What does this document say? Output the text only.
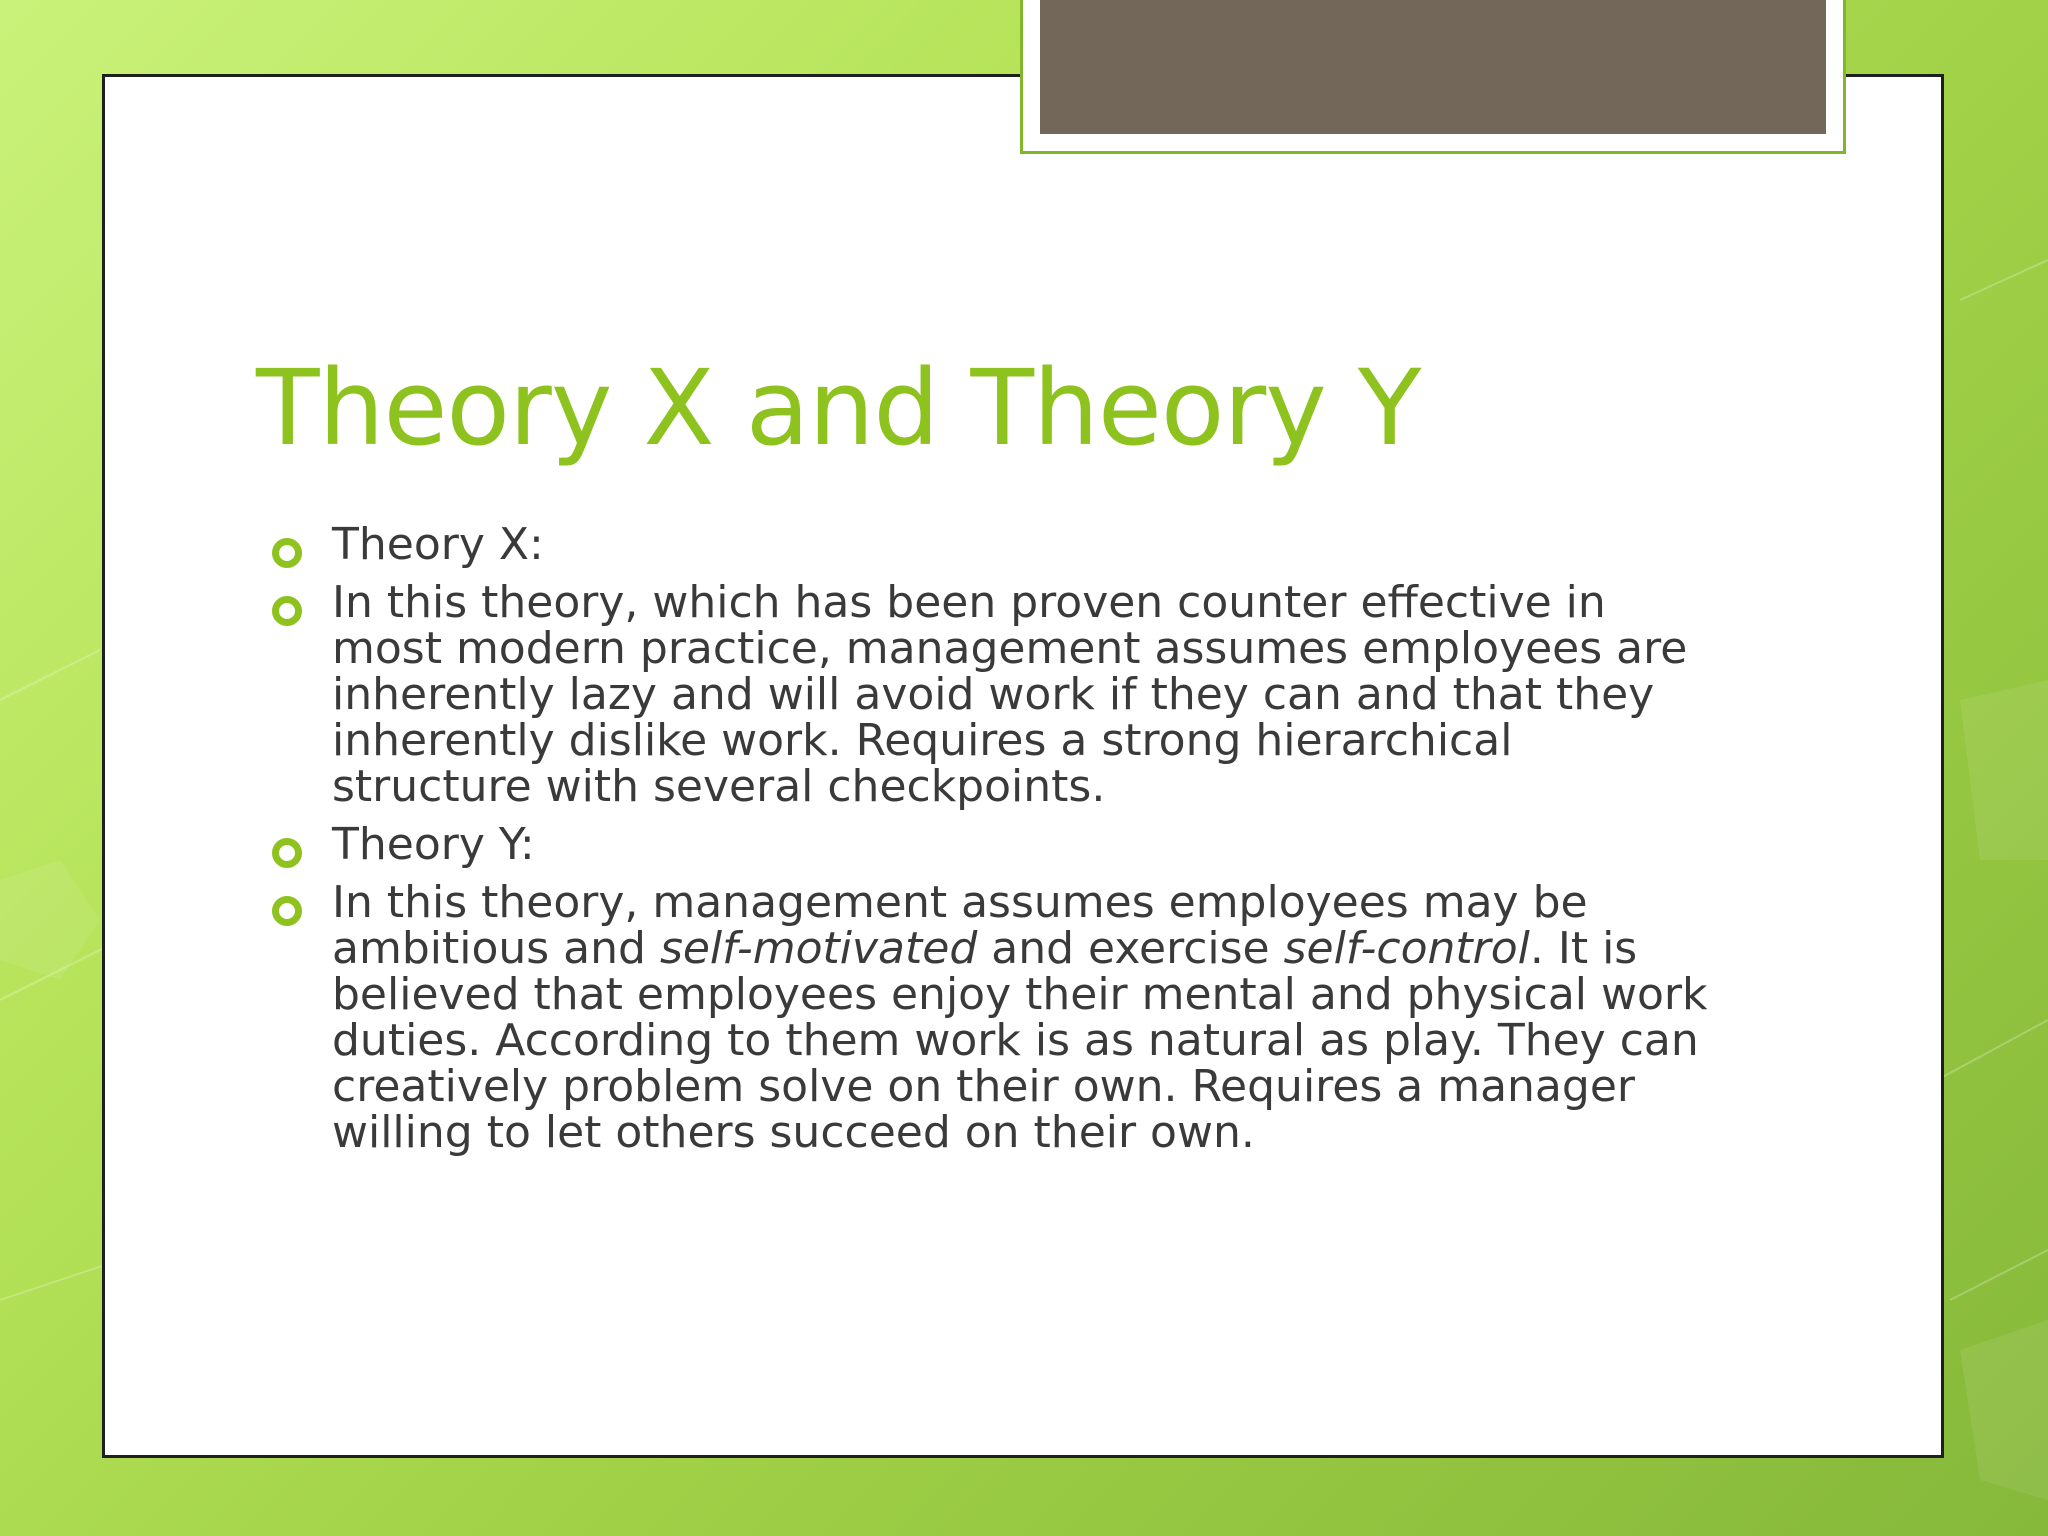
Theory X and Theory Y
Theory X:
In this theory, which has been proven counter effective in most modern practice, management assumes employees are inherently lazy and will avoid work if they can and that they inherently dislike work. Requires a strong hierarchical structure with several checkpoints.
Theory Y:
In this theory, management assumes employees may be ambitious and self-motivated and exercise self-control. It is believed that employees enjoy their mental and physical work duties. According to them work is as natural as play. They can creatively problem solve on their own. Requires a manager willing to let others succeed on their own.
